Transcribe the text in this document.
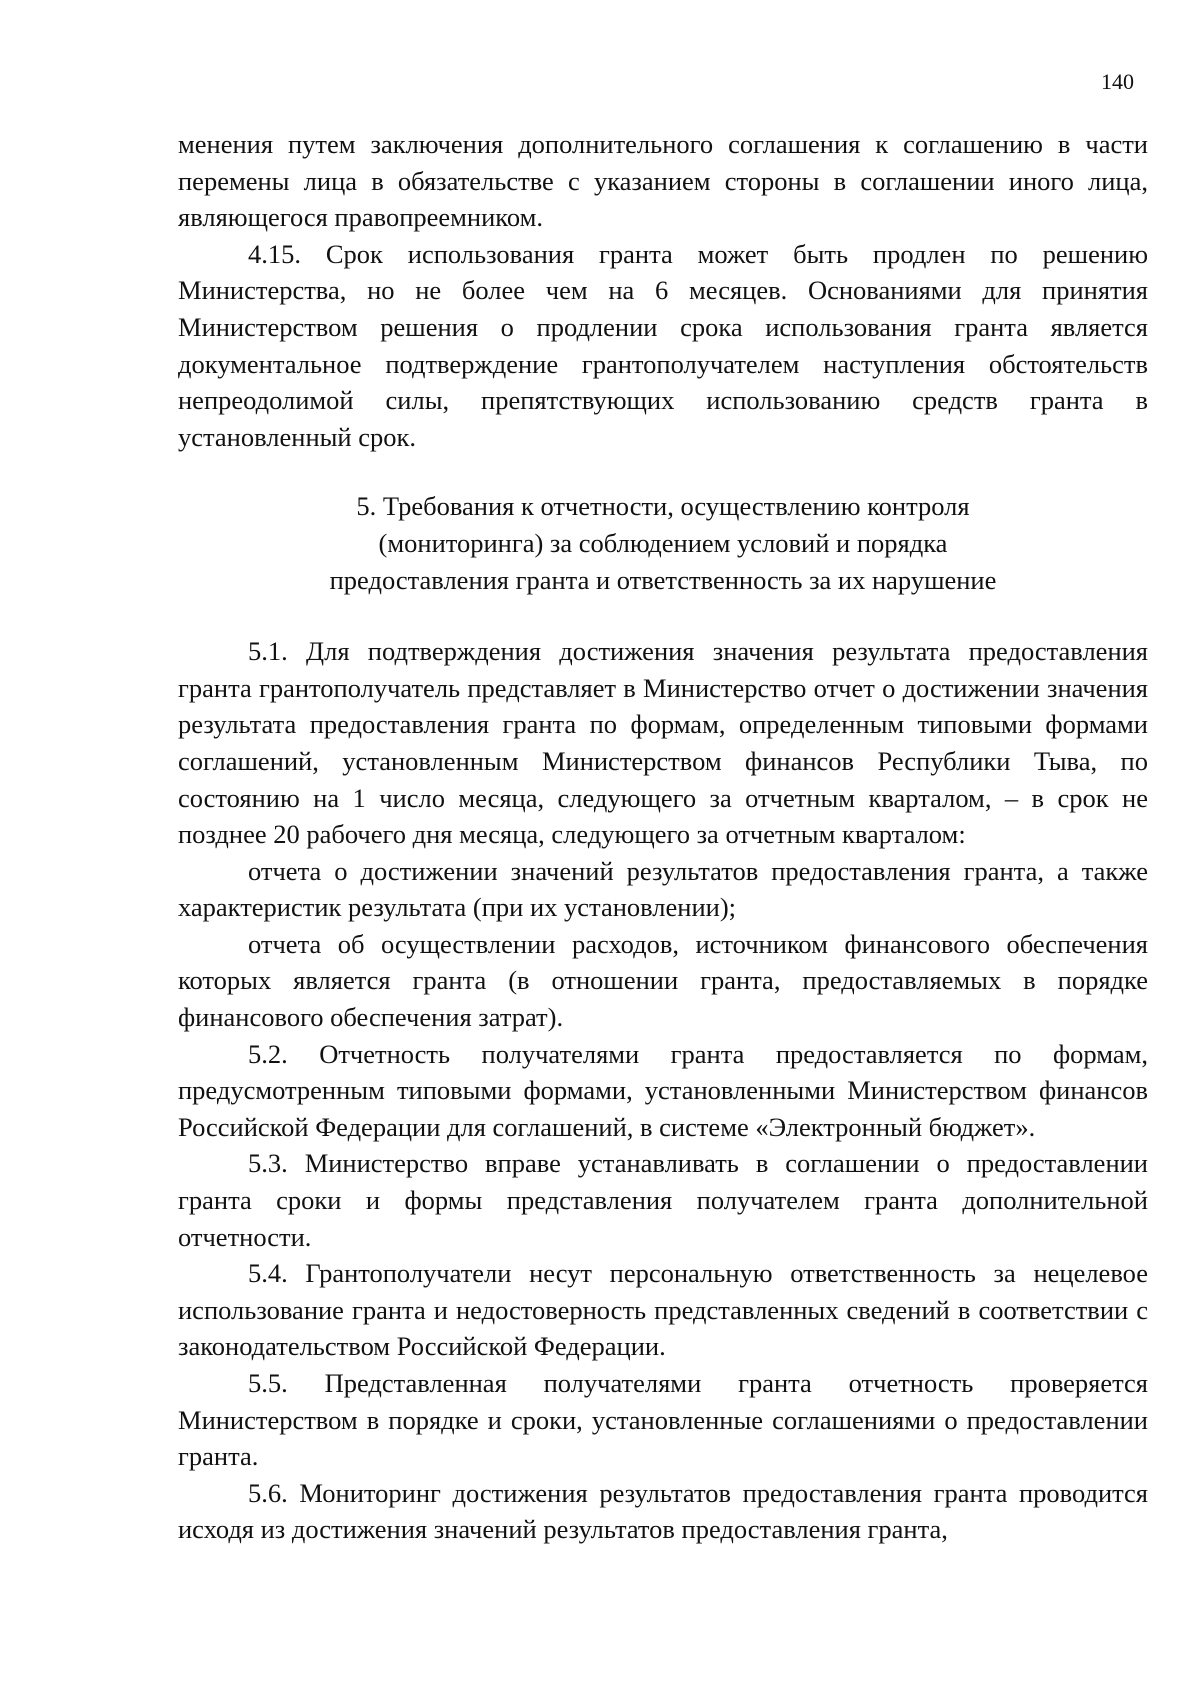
140

менения путем заключения дополнительного соглашения к соглашению в части перемены лица в обязательстве с указанием стороны в соглашении иного лица, являющегося правопреемником.

4.15. Срок использования гранта может быть продлен по решению Министерства, но не более чем на 6 месяцев. Основаниями для принятия Министерством решения о продлении срока использования гранта является документальное подтверждение грантополучателем наступления обстоятельств непреодолимой силы, препятствующих использованию средств гранта в установленный срок.

5. Требования к отчетности, осуществлению контроля
(мониторинга) за соблюдением условий и порядка
предоставления гранта и ответственность за их нарушение

5.1. Для подтверждения достижения значения результата предоставления гранта грантополучатель представляет в Министерство отчет о достижении значения результата предоставления гранта по формам, определенным типовыми формами соглашений, установленным Министерством финансов Республики Тыва, по состоянию на 1 число месяца, следующего за отчетным кварталом, – в срок не позднее 20 рабочего дня месяца, следующего за отчетным кварталом:

отчета о достижении значений результатов предоставления гранта, а также характеристик результата (при их установлении);

отчета об осуществлении расходов, источником финансового обеспечения которых является гранта (в отношении гранта, предоставляемых в порядке финансового обеспечения затрат).

5.2. Отчетность получателями гранта предоставляется по формам, предусмотренным типовыми формами, установленными Министерством финансов Российской Федерации для соглашений, в системе «Электронный бюджет».

5.3. Министерство вправе устанавливать в соглашении о предоставлении гранта сроки и формы представления получателем гранта дополнительной отчетности.

5.4. Грантополучатели несут персональную ответственность за нецелевое использование гранта и недостоверность представленных сведений в соответствии с законодательством Российской Федерации.

5.5. Представленная получателями гранта отчетность проверяется Министерством в порядке и сроки, установленные соглашениями о предоставлении гранта.

5.6. Мониторинг достижения результатов предоставления гранта проводится исходя из достижения значений результатов предоставления гранта,
